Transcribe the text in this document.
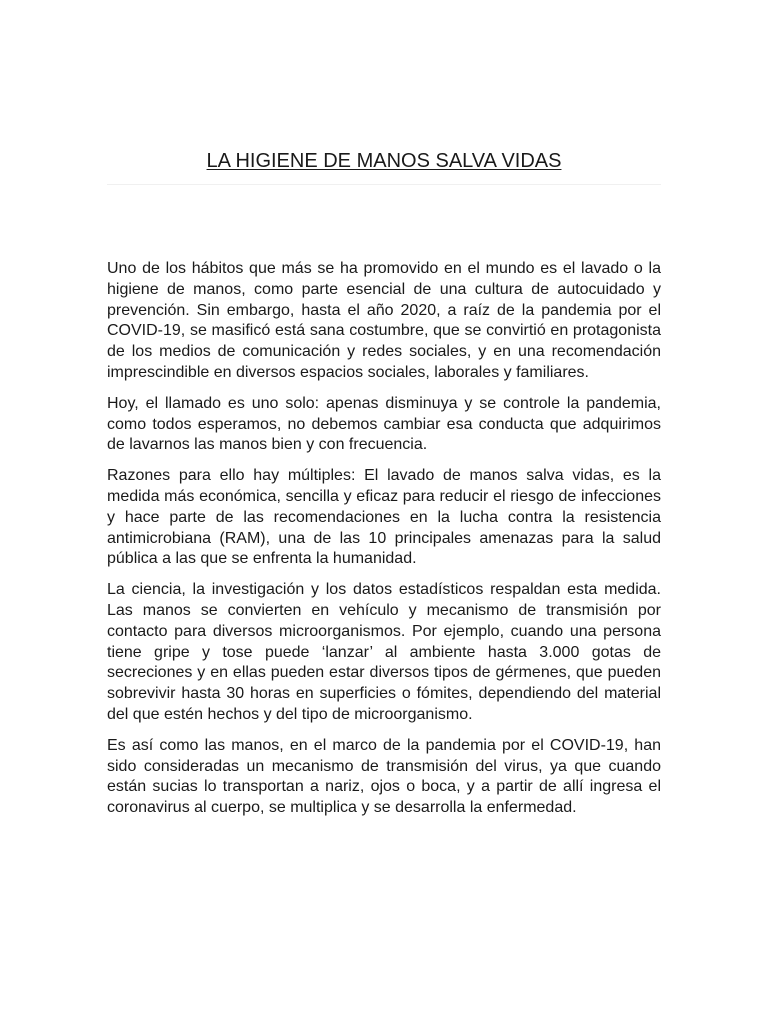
LA HIGIENE DE MANOS SALVA VIDAS

Uno de los hábitos que más se ha promovido en el mundo es el lavado o la higiene de manos, como parte esencial de una cultura de autocuidado y prevención. Sin embargo, hasta el año 2020, a raíz de la pandemia por el COVID-19, se masificó está sana costumbre, que se convirtió en protagonista de los medios de comunicación y redes sociales, y en una recomendación imprescindible en diversos espacios sociales, laborales y familiares.

Hoy, el llamado es uno solo: apenas disminuya y se controle la pandemia, como todos esperamos, no debemos cambiar esa conducta que adquirimos de lavarnos las manos bien y con frecuencia.

Razones para ello hay múltiples: El lavado de manos salva vidas, es la medida más económica, sencilla y eficaz para reducir el riesgo de infecciones y hace parte de las recomendaciones en la lucha contra la resistencia antimicrobiana (RAM), una de las 10 principales amenazas para la salud pública a las que se enfrenta la humanidad.

La ciencia, la investigación y los datos estadísticos respaldan esta medida. Las manos se convierten en vehículo y mecanismo de transmisión por contacto para diversos microorganismos. Por ejemplo, cuando una persona tiene gripe y tose puede ‘lanzar’ al ambiente hasta 3.000 gotas de secreciones y en ellas pueden estar diversos tipos de gérmenes, que pueden sobrevivir hasta 30 horas en superficies o fómites, dependiendo del material del que estén hechos y del tipo de microorganismo.

Es así como las manos, en el marco de la pandemia por el COVID-19, han sido consideradas un mecanismo de transmisión del virus, ya que cuando están sucias lo transportan a nariz, ojos o boca, y a partir de allí ingresa el coronavirus al cuerpo, se multiplica y se desarrolla la enfermedad.
